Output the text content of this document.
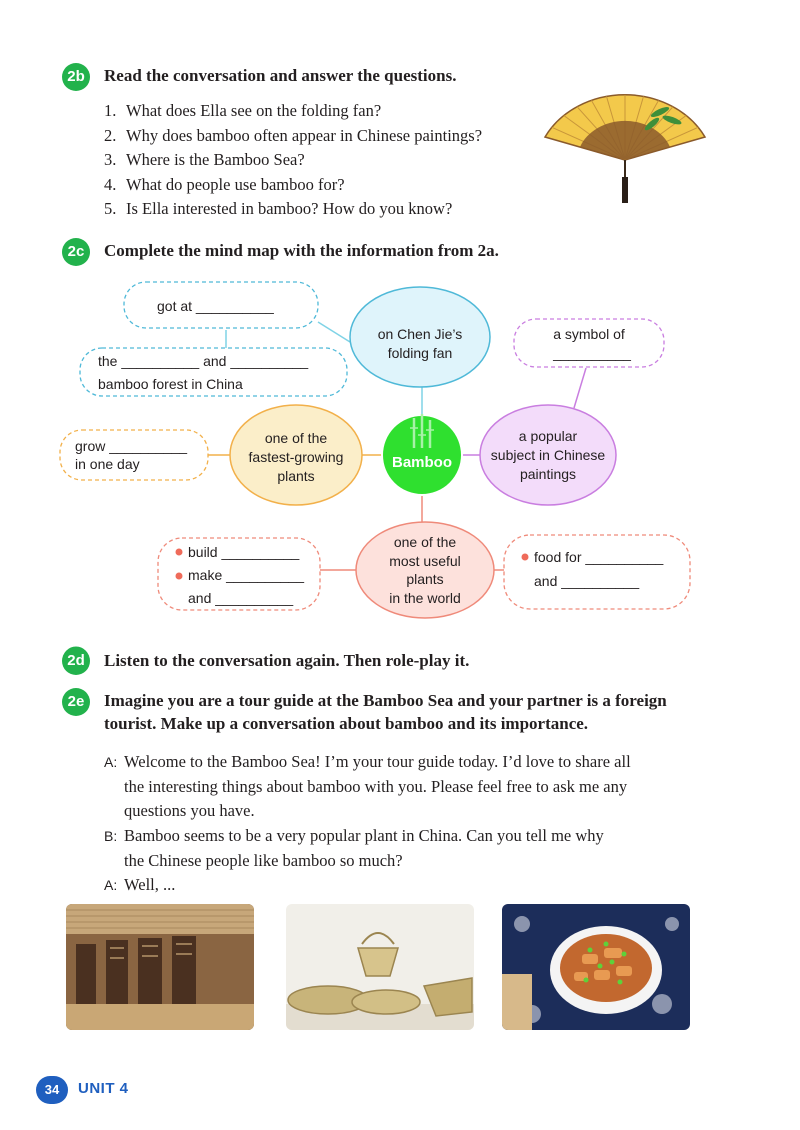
2b	Read the conversation and answer the questions.
1. What does Ella see on the folding fan?
2. Why does bamboo often appear in Chinese paintings?
3. Where is the Bamboo Sea?
4. What do people use bamboo for?
5. Is Ella interested in bamboo? How do you know?
2c	Complete the mind map with the information from 2a.
got at __________
the __________ and __________
bamboo forest in China
on Chen Jie’s
folding fan
a symbol of
__________
a popular
subject in Chinese
paintings
grow __________
in one day
one of the
fastest-growing
plants
Bamboo
build __________
make __________
and __________
one of the
most useful
plants
in the world
food for __________
and __________
2d	Listen to the conversation again. Then role-play it.
2e	Imagine you are a tour guide at the Bamboo Sea and your partner is a foreign
tourist. Make up a conversation about bamboo and its importance.
A: Welcome to the Bamboo Sea! I’m your tour guide today. I’d love to share all
the interesting things about bamboo with you. Please feel free to ask me any
questions you have.
B: Bamboo seems to be a very popular plant in China. Can you tell me why
the Chinese people like bamboo so much?
A: Well, ...
34	UNIT 4
